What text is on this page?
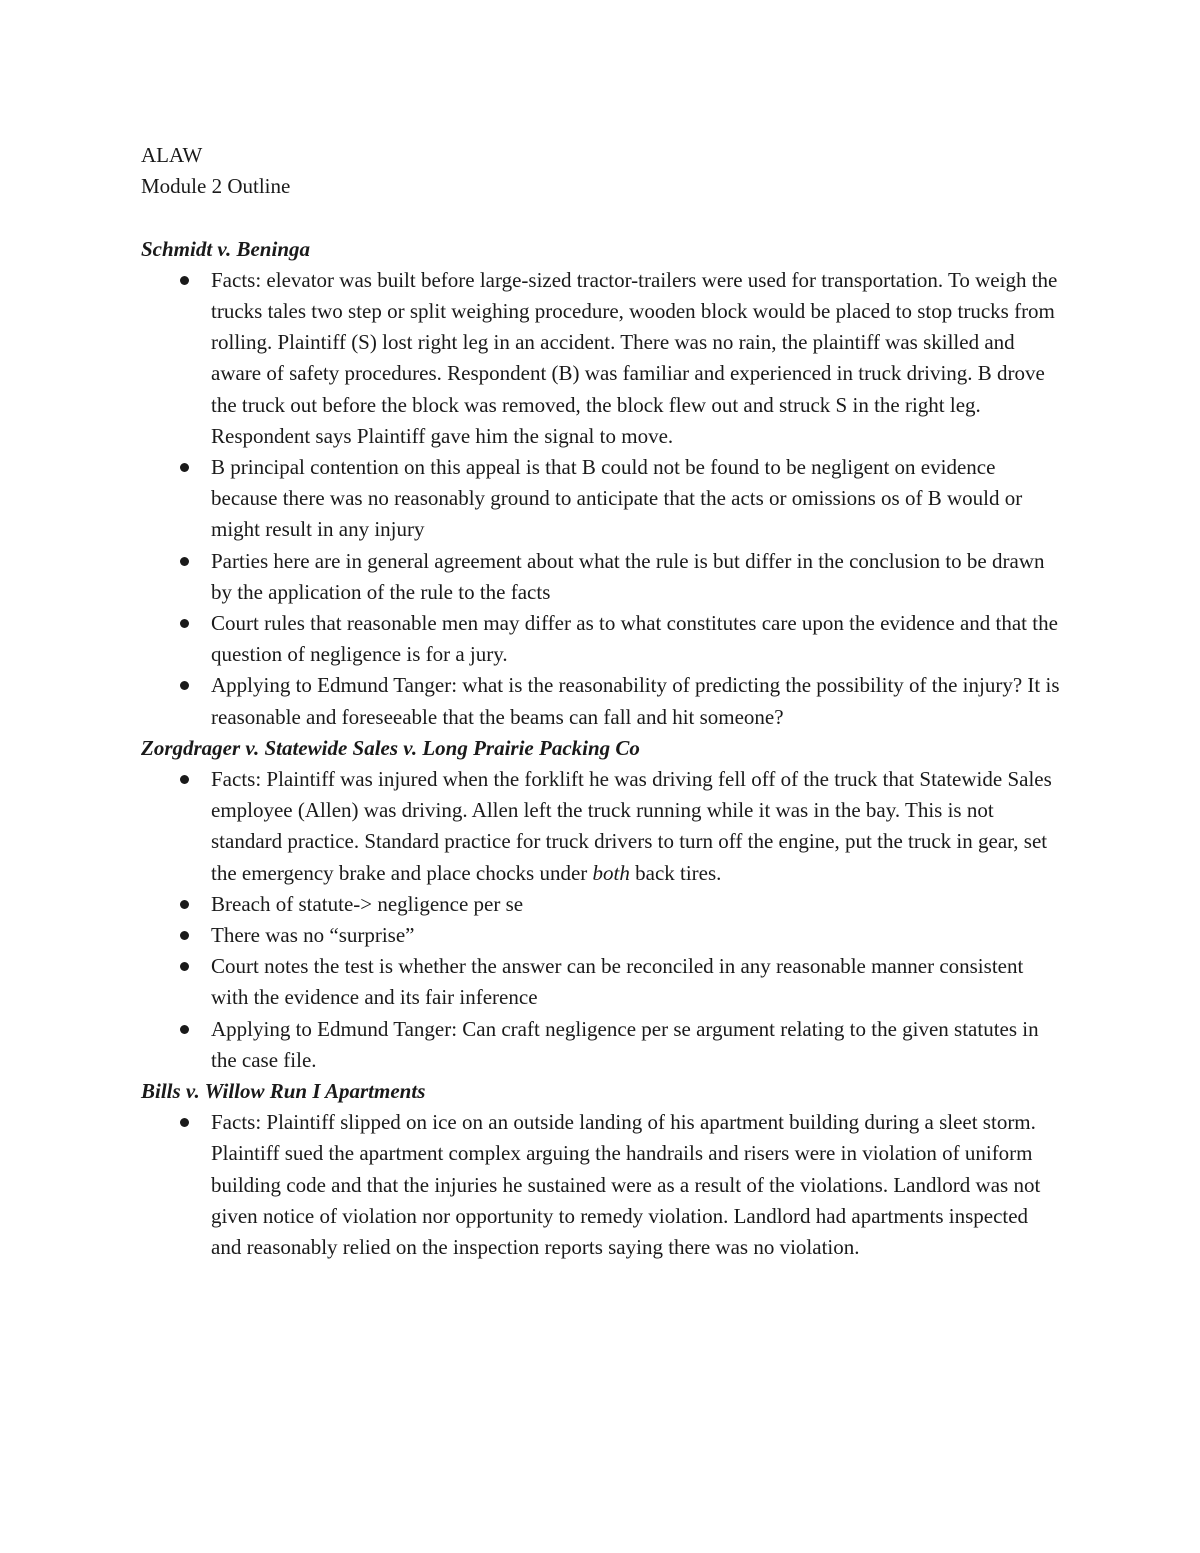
ALAW

Module 2 Outline

Schmidt v. Beninga

Facts: elevator was built before large-sized tractor-trailers were used for transportation. To weigh the trucks tales two step or split weighing procedure, wooden block would be placed to stop trucks from rolling. Plaintiff (S) lost right leg in an accident. There was no rain, the plaintiff was skilled and aware of safety procedures. Respondent (B) was familiar and experienced in truck driving. B drove the truck out before the block was removed, the block flew out and struck S in the right leg. Respondent says Plaintiff gave him the signal to move.
B principal contention on this appeal is that B could not be found to be negligent on evidence because there was no reasonably ground to anticipate that the acts or omissions os of B would or might result in any injury
Parties here are in general agreement about what the rule is but differ in the conclusion to be drawn by the application of the rule to the facts
Court rules that reasonable men may differ as to what constitutes care upon the evidence and that the question of negligence is for a jury.
Applying to Edmund Tanger: what is the reasonability of predicting the possibility of the injury? It is reasonable and foreseeable that the beams can fall and hit someone?

Zorgdrager v. Statewide Sales v. Long Prairie Packing Co

Facts: Plaintiff was injured when the forklift he was driving fell off of the truck that Statewide Sales employee (Allen) was driving. Allen left the truck running while it was in the bay. This is not standard practice. Standard practice for truck drivers to turn off the engine, put the truck in gear, set the emergency brake and place chocks under both back tires.
Breach of statute-> negligence per se
There was no “surprise”
Court notes the test is whether the answer can be reconciled in any reasonable manner consistent with the evidence and its fair inference
Applying to Edmund Tanger: Can craft negligence per se argument relating to the given statutes in the case file.

Bills v. Willow Run I Apartments

Facts: Plaintiff slipped on ice on an outside landing of his apartment building during a sleet storm. Plaintiff sued the apartment complex arguing the handrails and risers were in violation of uniform building code and that the injuries he sustained were as a result of the violations. Landlord was not given notice of violation nor opportunity to remedy violation. Landlord had apartments inspected and reasonably relied on the inspection reports saying there was no violation.
